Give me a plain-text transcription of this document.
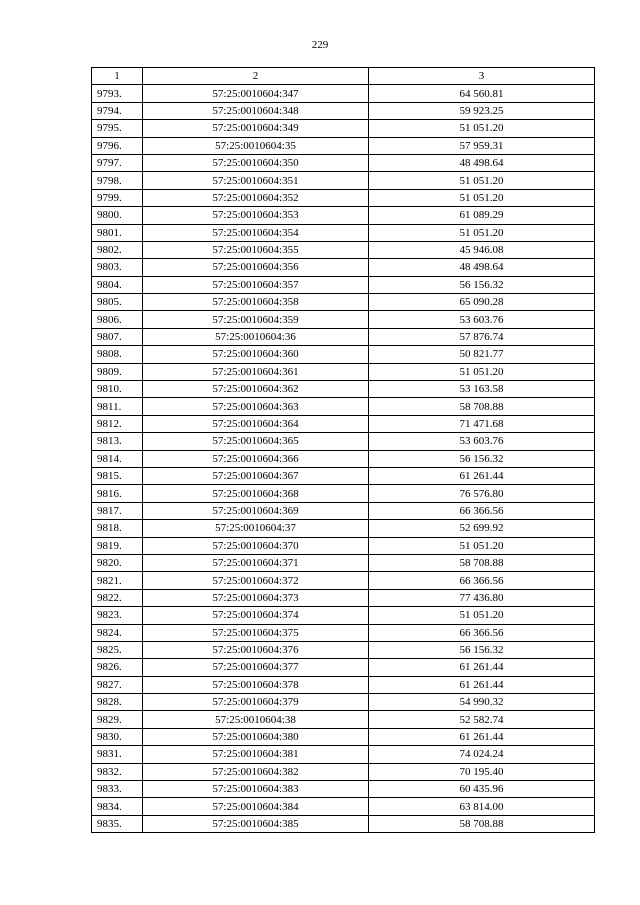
229
1	2	3
9793.	57:25:0010604:347	64 560.81
9794.	57:25:0010604:348	59 923.25
9795.	57:25:0010604:349	51 051.20
9796.	57:25:0010604:35	57 959.31
9797.	57:25:0010604:350	48 498.64
9798.	57:25:0010604:351	51 051.20
9799.	57:25:0010604:352	51 051.20
9800.	57:25:0010604:353	61 089.29
9801.	57:25:0010604:354	51 051.20
9802.	57:25:0010604:355	45 946.08
9803.	57:25:0010604:356	48 498.64
9804.	57:25:0010604:357	56 156.32
9805.	57:25:0010604:358	65 090.28
9806.	57:25:0010604:359	53 603.76
9807.	57:25:0010604:36	57 876.74
9808.	57:25:0010604:360	50 821.77
9809.	57:25:0010604:361	51 051.20
9810.	57:25:0010604:362	53 163.58
9811.	57:25:0010604:363	58 708.88
9812.	57:25:0010604:364	71 471.68
9813.	57:25:0010604:365	53 603.76
9814.	57:25:0010604:366	56 156.32
9815.	57:25:0010604:367	61 261.44
9816.	57:25:0010604:368	76 576.80
9817.	57:25:0010604:369	66 366.56
9818.	57:25:0010604:37	52 699.92
9819.	57:25:0010604:370	51 051.20
9820.	57:25:0010604:371	58 708.88
9821.	57:25:0010604:372	66 366.56
9822.	57:25:0010604:373	77 436.80
9823.	57:25:0010604:374	51 051.20
9824.	57:25:0010604:375	66 366.56
9825.	57:25:0010604:376	56 156.32
9826.	57:25:0010604:377	61 261.44
9827.	57:25:0010604:378	61 261.44
9828.	57:25:0010604:379	54 990.32
9829.	57:25:0010604:38	52 582.74
9830.	57:25:0010604:380	61 261.44
9831.	57:25:0010604:381	74 024.24
9832.	57:25:0010604:382	70 195.40
9833.	57:25:0010604:383	60 435.96
9834.	57:25:0010604:384	63 814.00
9835.	57:25:0010604:385	58 708.88
